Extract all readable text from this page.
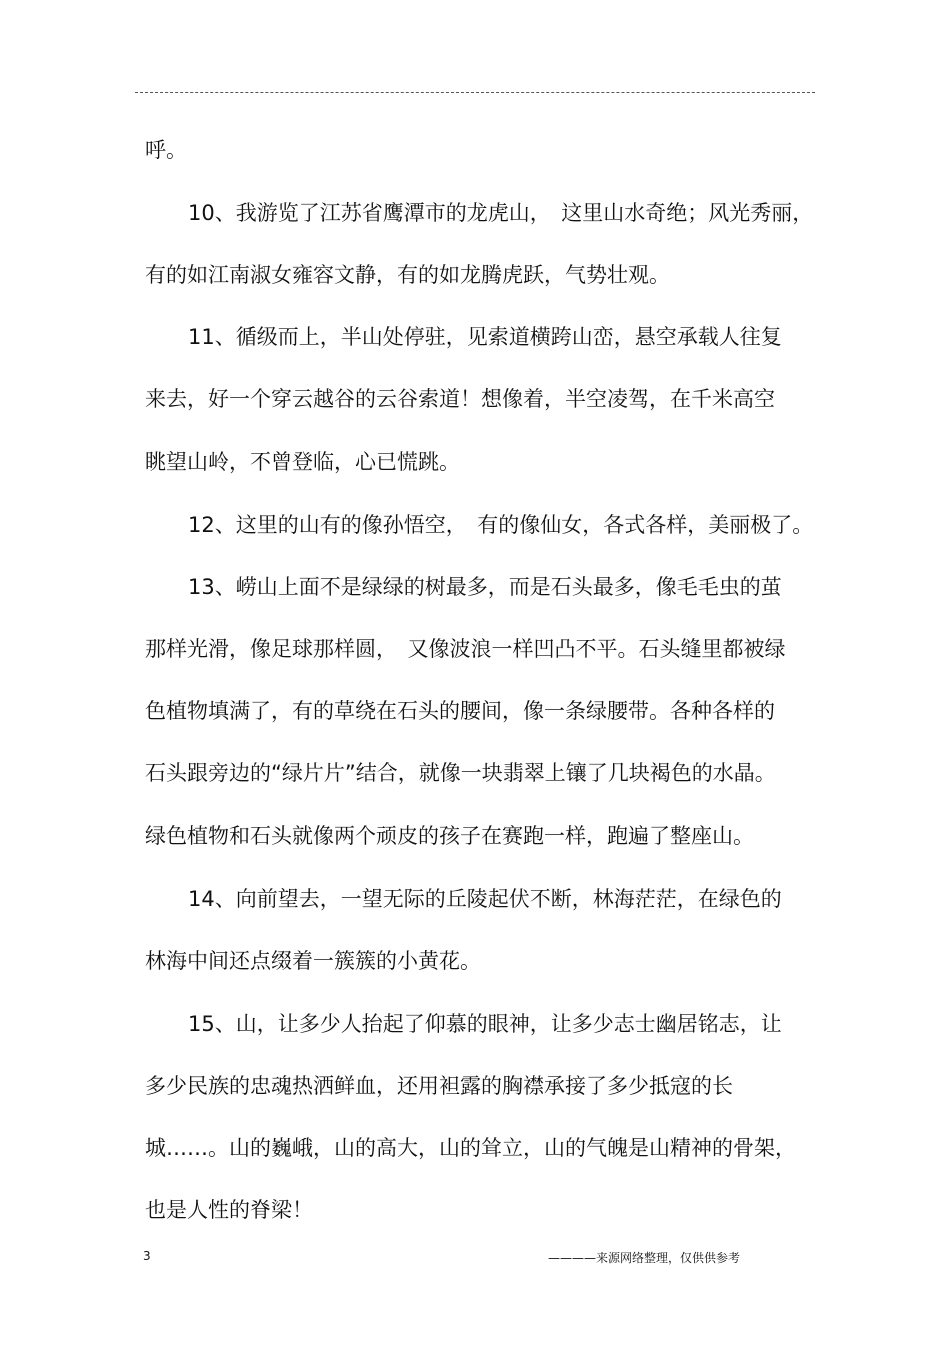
呼。
10、我游览了江苏省鹰潭市的龙虎山，　这里山水奇绝；风光秀丽，
有的如江南淑女雍容文静，有的如龙腾虎跃，气势壮观。
11、循级而上，半山处停驻，见索道横跨山峦，悬空承载人往复
来去，好一个穿云越谷的云谷索道！想像着，半空凌驾，在千米高空
眺望山岭，不曾登临，心已慌跳。
12、这里的山有的像孙悟空，　有的像仙女，各式各样，美丽极了。
13、崂山上面不是绿绿的树最多，而是石头最多，像毛毛虫的茧
那样光滑，像足球那样圆，　又像波浪一样凹凸不平。石头缝里都被绿
色植物填满了，有的草绕在石头的腰间，像一条绿腰带。各种各样的
石头跟旁边的“绿片片”结合，就像一块翡翠上镶了几块褐色的水晶。
绿色植物和石头就像两个顽皮的孩子在赛跑一样，跑遍了整座山。
14、向前望去，一望无际的丘陵起伏不断，林海茫茫，在绿色的
林海中间还点缀着一簇簇的小黄花。
15、山，让多少人抬起了仰慕的眼神，让多少志士幽居铭志，让
多少民族的忠魂热洒鲜血，还用袒露的胸襟承接了多少抵寇的长
城……。山的巍峨，山的高大，山的耸立，山的气魄是山精神的骨架，
也是人性的脊梁！
3	————来源网络整理，仅供供参考
